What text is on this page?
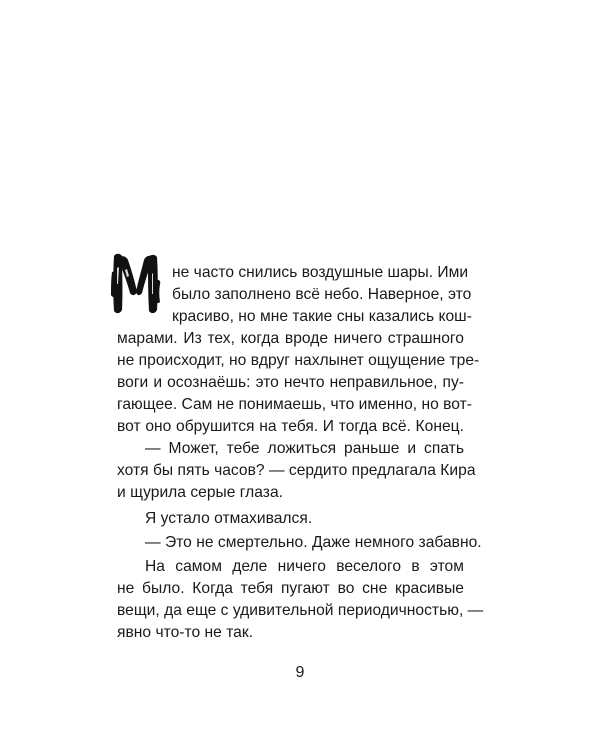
не часто снились воздушные шары. Ими
было заполнено всё небо. Наверное, это
красиво, но мне такие сны казались кош-
марами. Из тех, когда вроде ничего страшного
не происходит, но вдруг нахлынет ощущение тре-
воги и осознаёшь: это нечто неправильное, пу-
гающее. Сам не понимаешь, что именно, но вот-
вот оно обрушится на тебя. И тогда всё. Конец.
— Может, тебе ложиться раньше и спать
хотя бы пять часов? — сердито предлагала Кира
и щурила серые глаза.
Я устало отмахивался.
— Это не смертельно. Даже немного забавно.
На самом деле ничего веселого в этом
не было. Когда тебя пугают во сне красивые
вещи, да еще с удивительной периодичностью, —
явно что-то не так.
9
